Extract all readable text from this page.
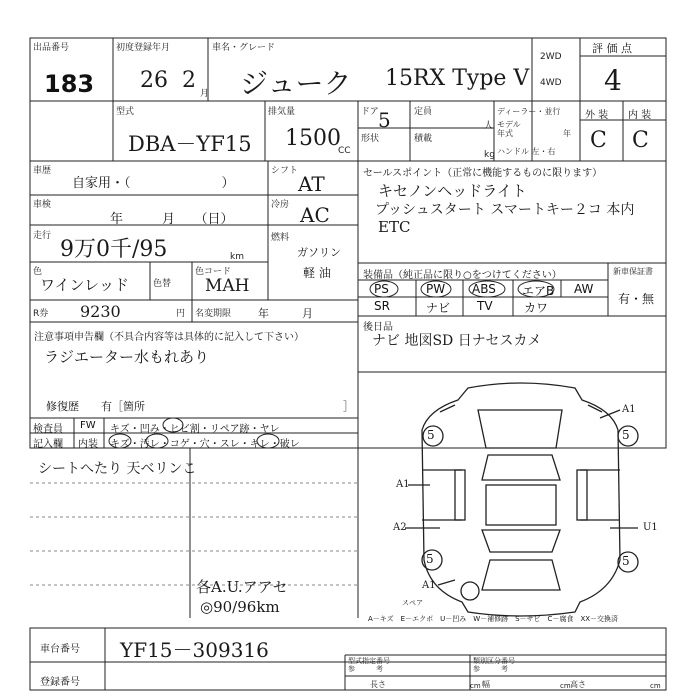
出品番号
183
初度登録年月
26 2
月
車名・グレード
ジューク 15RX Type V
2WD
4WD
評 価 点
4
型式
DBA－YF15
排気量
1500
CC
ドア 5	定員
人
形状	積載
kg
ディーラー・並行
モデル
年式	年
ハンドル 左・右
外 装 内 装
C C
車歴
自家用・（　　　　　　　）
シフト
AT
車検
年　　　月　　（日）
冷房 AC
走行
9万0千/95	km
燃料
ガソリン
軽 油
色
ワインレッド	色替
色コード
MAH
R券 9230	円 名変期限 年　　　月
注意事項申告欄（不具合内容等は具体的に記入して下さい）
ラジエーター水もれあり
修復歴　　有［箇所　　　　　　　　　　　　　　　　　　］
セールスポイント（正常に機能するものに限ります）
キセノンヘッドライト
プッシュスタート スマートキー２コ 本内
ETC
装備品（純正品に限り○をつけてください）
PS	PW ABS エアB AW
SR	ナビ TV	カワ
新車保証書
有・無
後日品
ナビ 地図SD 日ナセスカメ
検査員
記入欄
FW
内装
キズ・凹み・ヒビ割・リペア跡・ヤレ
キズ・汚レ・コゲ・穴・スレ・キレ・破レ
シートへたり 天ベリンこ
各A.U.アアセ
◎90/96km
A1
A1
A2	U1
A1
5	5
5	5
スペア
A－キズ　E－エクボ　U－凹み　W－補修跡　S－サビ　C－腐食　XX－交換済
車台番号 YF15－309316
登録番号
型式指定番号
参　　　考
類別区分番号
参　　　考
長さ	cm 幅	cm 高さ	cm
